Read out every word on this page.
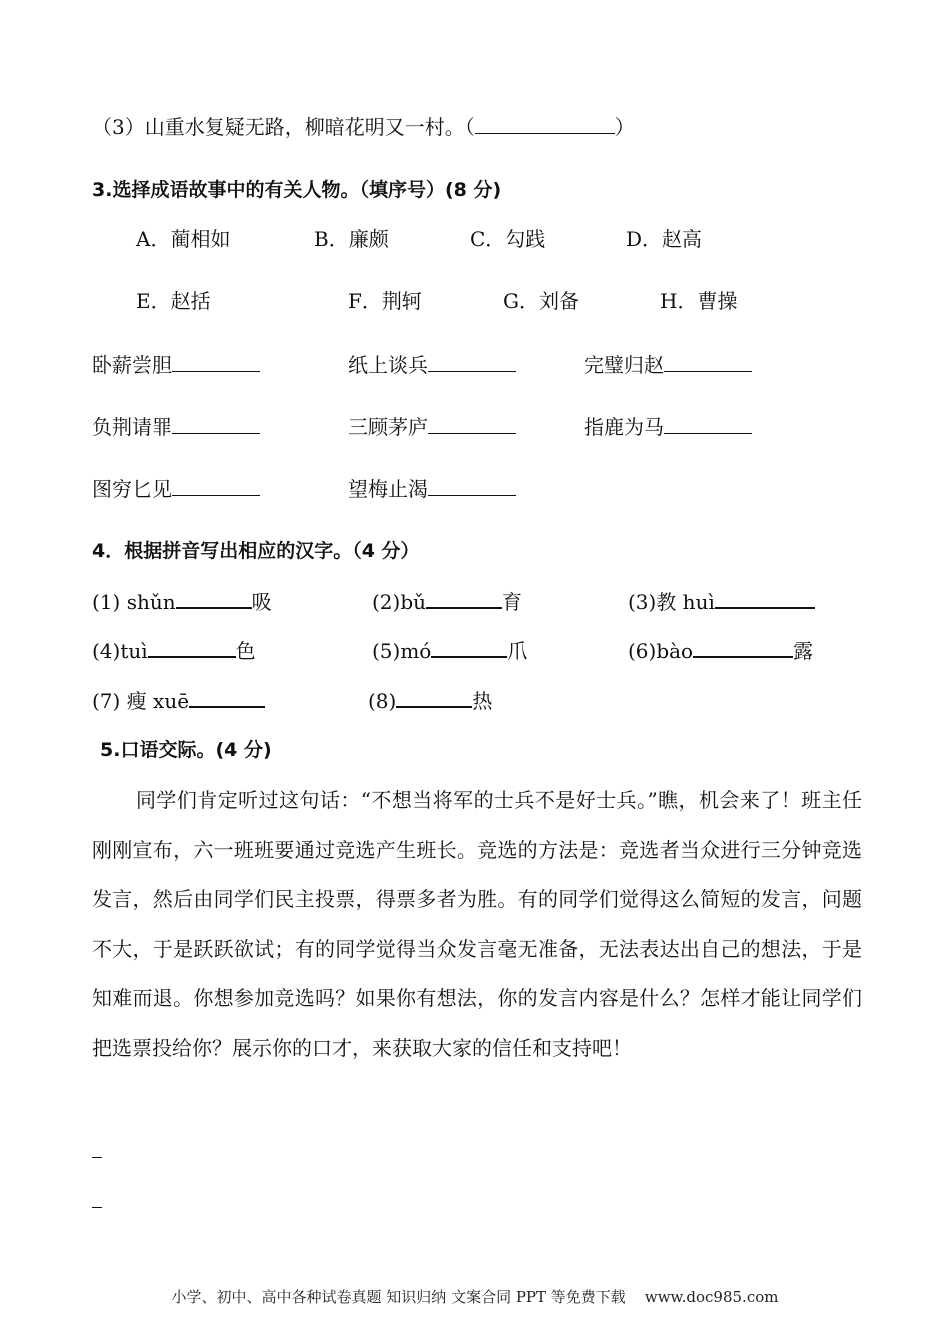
（3）山重水复疑无路，柳暗花明又一村。（	）
3.选择成语故事中的有关人物。（填序号）(8 分)
A．蔺相如	B．廉颇	C．勾践	D．赵高
E．赵括	F．荆轲	G．刘备	H．曹操
卧薪尝胆	纸上谈兵	完璧归赵
负荆请罪	三顾茅庐	指鹿为马
图穷匕见	望梅止渴
4．根据拼音写出相应的汉字。（4 分）
(1) shǔn	吸	(2)bǔ	育	(3)教 huì
(4)tuì	色	(5)mó	爪	(6)bào	露
(7) 瘦 xuē	(8)	热
5.口语交际。(4 分)

同学们肯定听过这句话：“不想当将军的士兵不是好士兵。”瞧，机会来了！班主任刚刚宣布，六一班班要通过竞选产生班长。竞选的方法是：竞选者当众进行三分钟竞选发言，然后由同学们民主投票，得票多者为胜。有的同学们觉得这么简短的发言，问题不大，于是跃跃欲试；有的同学觉得当众发言毫无准备，无法表达出自己的想法，于是知难而退。你想参加竞选吗？如果你有想法，你的发言内容是什么？怎样才能让同学们把选票投给你？展示你的口才，来获取大家的信任和支持吧！

小学、初中、高中各种试卷真题 知识归纳 文案合同 PPT 等免费下载 www.doc985.com
